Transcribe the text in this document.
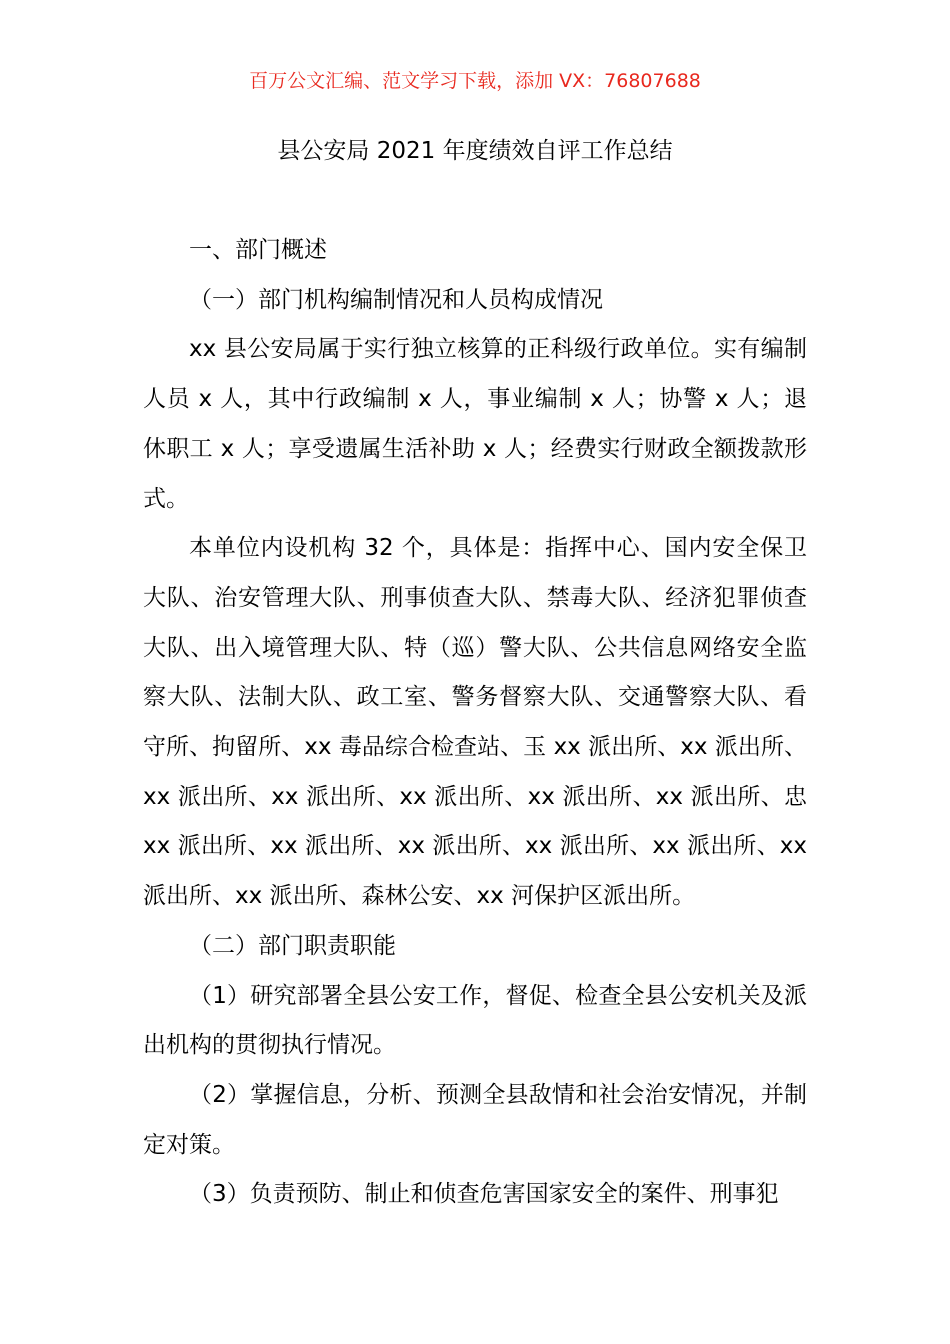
百万公文汇编、范文学习下载，添加 VX：76807688
县公安局 2021 年度绩效自评工作总结

一、部门概述

（一）部门机构编制情况和人员构成情况

xx 县公安局属于实行独立核算的正科级行政单位。实有编制人员 x 人，其中行政编制 x 人，事业编制 x 人；协警 x 人；退休职工 x 人；享受遗属生活补助 x 人；经费实行财政全额拨款形式。

本单位内设机构 32 个，具体是：指挥中心、国内安全保卫大队、治安管理大队、刑事侦查大队、禁毒大队、经济犯罪侦查大队、出入境管理大队、特（巡）警大队、公共信息网络安全监察大队、法制大队、政工室、警务督察大队、交通警察大队、看守所、拘留所、xx 毒品综合检查站、玉 xx 派出所、xx 派出所、xx 派出所、xx 派出所、xx 派出所、xx 派出所、xx 派出所、忠 xx 派出所、xx 派出所、xx 派出所、xx 派出所、xx 派出所、xx 派出所、xx 派出所、森林公安、xx 河保护区派出所。

（二）部门职责职能

（1）研究部署全县公安工作，督促、检查全县公安机关及派出机构的贯彻执行情况。

（2）掌握信息，分析、预测全县敌情和社会治安情况，并制定对策。

（3）负责预防、制止和侦查危害国家安全的案件、刑事犯
